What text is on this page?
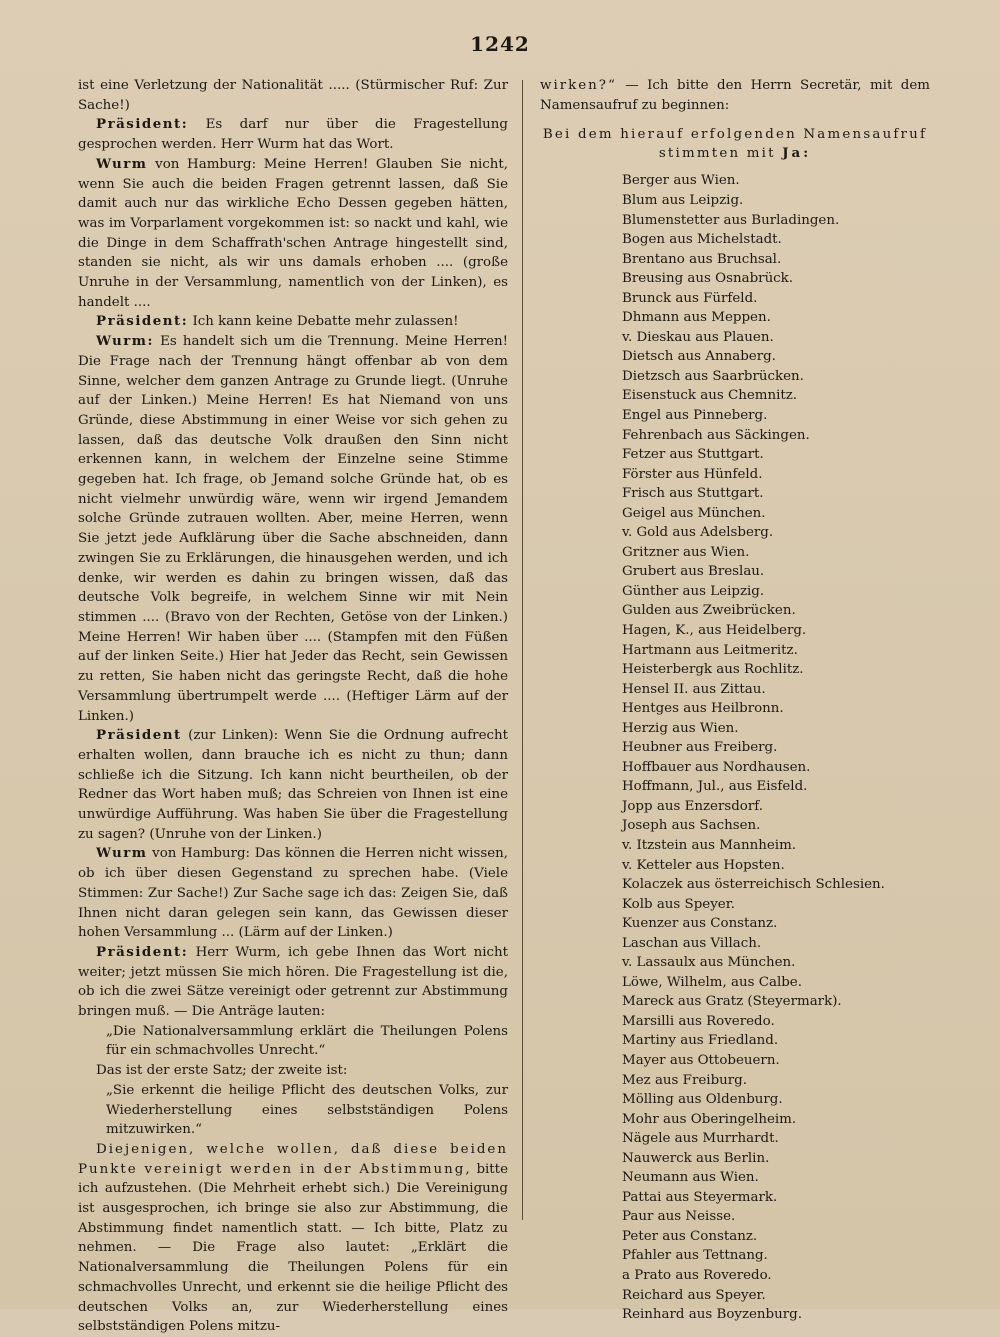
1242

ist eine Verletzung der Nationalität ..... (Stürmischer Ruf: Zur Sache!)

Präsident: Es darf nur über die Fragestellung gesprochen werden. Herr Wurm hat das Wort.

Wurm von Hamburg: Meine Herren! Glauben Sie nicht, wenn Sie auch die beiden Fragen getrennt lassen, daß Sie damit auch nur das wirkliche Echo Dessen gegeben hätten, was im Vorparlament vorgekommen ist: so nackt und kahl, wie die Dinge in dem Schaffrath'schen Antrage hingestellt sind, standen sie nicht, als wir uns damals erhoben .... (große Unruhe in der Versammlung, namentlich von der Linken), es handelt ....

Präsident: Ich kann keine Debatte mehr zulassen!

Wurm: Es handelt sich um die Trennung. Meine Herren! Die Frage nach der Trennung hängt offenbar ab von dem Sinne, welcher dem ganzen Antrage zu Grunde liegt. (Unruhe auf der Linken.) Meine Herren! Es hat Niemand von uns Gründe, diese Abstimmung in einer Weise vor sich gehen zu lassen, daß das deutsche Volk draußen den Sinn nicht erkennen kann, in welchem der Einzelne seine Stimme gegeben hat. Ich frage, ob Jemand solche Gründe hat, ob es nicht vielmehr unwürdig wäre, wenn wir irgend Jemandem solche Gründe zutrauen wollten. Aber, meine Herren, wenn Sie jetzt jede Aufklärung über die Sache abschneiden, dann zwingen Sie zu Erklärungen, die hinausgehen werden, und ich denke, wir werden es dahin zu bringen wissen, daß das deutsche Volk begreife, in welchem Sinne wir mit Nein stimmen .... (Bravo von der Rechten, Getöse von der Linken.) Meine Herren! Wir haben über .... (Stampfen mit den Füßen auf der linken Seite.) Hier hat Jeder das Recht, sein Gewissen zu retten, Sie haben nicht das geringste Recht, daß die hohe Versammlung übertrumpelt werde .... (Heftiger Lärm auf der Linken.)

Präsident (zur Linken): Wenn Sie die Ordnung aufrecht erhalten wollen, dann brauche ich es nicht zu thun; dann schließe ich die Sitzung. Ich kann nicht beurtheilen, ob der Redner das Wort haben muß; das Schreien von Ihnen ist eine unwürdige Aufführung. Was haben Sie über die Fragestellung zu sagen? (Unruhe von der Linken.)

Wurm von Hamburg: Das können die Herren nicht wissen, ob ich über diesen Gegenstand zu sprechen habe. (Viele Stimmen: Zur Sache!) Zur Sache sage ich das: Zeigen Sie, daß Ihnen nicht daran gelegen sein kann, das Gewissen dieser hohen Versammlung ... (Lärm auf der Linken.)

Präsident: Herr Wurm, ich gebe Ihnen das Wort nicht weiter; jetzt müssen Sie mich hören. Die Fragestellung ist die, ob ich die zwei Sätze vereinigt oder getrennt zur Abstimmung bringen muß. — Die Anträge lauten:

„Die Nationalversammlung erklärt die Theilungen Polens für ein schmachvolles Unrecht.“

Das ist der erste Satz; der zweite ist:

„Sie erkennt die heilige Pflicht des deutschen Volks, zur Wiederherstellung eines selbstständigen Polens mitzuwirken.“

Diejenigen, welche wollen, daß diese beiden Punkte vereinigt werden in der Abstimmung, bitte ich aufzustehen. (Die Mehrheit erhebt sich.) Die Vereinigung ist ausgesprochen, ich bringe sie also zur Abstimmung, die Abstimmung findet namentlich statt. — Ich bitte, Platz zu nehmen. — Die Frage also lautet: „Erklärt die Nationalversammlung die Theilungen Polens für ein schmachvolles Unrecht, und erkennt sie die heilige Pflicht des deutschen Volks an, zur Wiederherstellung eines selbstständigen Polens mitzu-

wirken?“ — Ich bitte den Herrn Secretär, mit dem Namensaufruf zu beginnen:

Bei dem hierauf erfolgenden Namensaufruf
stimmten mit Ja:
Berger aus Wien.
Blum aus Leipzig.
Blumenstetter aus Burladingen.
Bogen aus Michelstadt.
Brentano aus Bruchsal.
Breusing aus Osnabrück.
Brunck aus Fürfeld.
Dhmann aus Meppen.
v. Dieskau aus Plauen.
Dietsch aus Annaberg.
Dietzsch aus Saarbrücken.
Eisenstuck aus Chemnitz.
Engel aus Pinneberg.
Fehrenbach aus Säckingen.
Fetzer aus Stuttgart.
Förster aus Hünfeld.
Frisch aus Stuttgart.
Geigel aus München.
v. Gold aus Adelsberg.
Gritzner aus Wien.
Grubert aus Breslau.
Günther aus Leipzig.
Gulden aus Zweibrücken.
Hagen, K., aus Heidelberg.
Hartmann aus Leitmeritz.
Heisterbergk aus Rochlitz.
Hensel II. aus Zittau.
Hentges aus Heilbronn.
Herzig aus Wien.
Heubner aus Freiberg.
Hoffbauer aus Nordhausen.
Hoffmann, Jul., aus Eisfeld.
Jopp aus Enzersdorf.
Joseph aus Sachsen.
v. Itzstein aus Mannheim.
v. Ketteler aus Hopsten.
Kolaczek aus österreichisch Schlesien.
Kolb aus Speyer.
Kuenzer aus Constanz.
Laschan aus Villach.
v. Lassaulx aus München.
Löwe, Wilhelm, aus Calbe.
Mareck aus Gratz (Steyermark).
Marsilli aus Roveredo.
Martiny aus Friedland.
Mayer aus Ottobeuern.
Mez aus Freiburg.
Mölling aus Oldenburg.
Mohr aus Oberingelheim.
Nägele aus Murrhardt.
Nauwerck aus Berlin.
Neumann aus Wien.
Pattai aus Steyermark.
Paur aus Neisse.
Peter aus Constanz.
Pfahler aus Tettnang.
a Prato aus Roveredo.
Reichard aus Speyer.
Reinhard aus Boyzenburg.
